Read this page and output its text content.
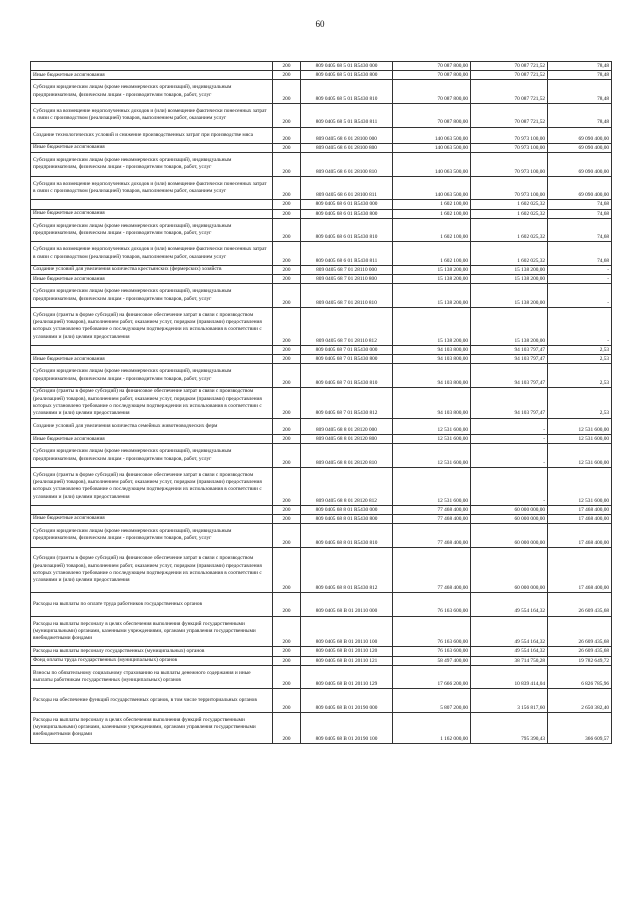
60
	200	809 0405 68 5 01 R5430 000	70 087 800,00	70 087 721,52	78,48
Иные бюджетные ассигнования	200	809 0405 68 5 01 R5430 800	70 087 800,00	70 087 721,52	78,48
Субсидии юридическим лицам (кроме некоммерческих организаций), индивидуальным предпринимателям, физическим лицам - производителям товаров, работ, услуг	200	809 0405 68 5 01 R5430 810	70 087 800,00	70 087 721,52	78,48
Субсидии на возмещение недополученных доходов и (или) возмещение фактически понесенных затрат в связи с производством (реализацией) товаров, выполнением работ, оказанием услуг	200	809 0405 68 5 01 R5430 811	70 087 800,00	70 087 721,52	78,48
Создание технологических условий и снижение производственных затрат при производстве мяса	200	809 0405 68 6 01 28100 000	140 063 500,00	70 973 100,00	69 090 400,00
Иные бюджетные ассигнования	200	809 0405 68 6 01 28100 800	140 063 500,00	70 973 100,00	69 090 400,00
Субсидии юридическим лицам (кроме некоммерческих организаций), индивидуальным предпринимателям, физическим лицам - производителям товаров, работ, услуг	200	809 0405 68 6 01 28100 810	140 063 500,00	70 973 100,00	69 090 400,00
Субсидии на возмещение недополученных доходов и (или) возмещение фактически понесенных затрат в связи с производством (реализацией) товаров, выполнением работ, оказанием услуг	200	809 0405 68 6 01 28100 811	140 063 500,00	70 973 100,00	69 090 400,00
	200	809 0405 68 6 01 R5430 000	1 602 100,00	1 602 025,32	74,68
Иные бюджетные ассигнования	200	809 0405 68 6 01 R5430 800	1 602 100,00	1 602 025,32	74,68
Субсидии юридическим лицам (кроме некоммерческих организаций), индивидуальным предпринимателям, физическим лицам - производителям товаров, работ, услуг	200	809 0405 68 6 01 R5430 810	1 602 100,00	1 602 025,32	74,68
Субсидии на возмещение недополученных доходов и (или) возмещение фактически понесенных затрат в связи с производством (реализацией) товаров, выполнением работ, оказанием услуг	200	809 0405 68 6 01 R5430 811	1 602 100,00	1 602 025,32	74,68
Создание условий для увеличения количества крестьянских (фермерских) хозяйств	200	809 0405 68 7 01 28110 000	15 138 200,00	15 138 200,00	-
Иные бюджетные ассигнования	200	809 0405 68 7 01 28110 800	15 138 200,00	15 138 200,00	-
Субсидии юридическим лицам (кроме некоммерческих организаций), индивидуальным предпринимателям, физическим лицам - производителям товаров, работ, услуг	200	809 0405 68 7 01 28110 810	15 138 200,00	15 138 200,00	-
Субсидии (гранты в форме субсидий) на финансовое обеспечение затрат в связи с производством (реализацией) товаров), выполнением работ, оказанием услуг, порядком (правилами) предоставления которых установлено требование о последующем подтверждении их использования в соответствии с условиями и (или) целями предоставления	200	809 0405 68 7 01 28110 812	15 138 200,00	15 138 200,00	-
	200	809 0405 68 7 01 R5430 000	94 103 800,00	94 103 797,47	2,53
Иные бюджетные ассигнования	200	809 0405 68 7 01 R5430 800	94 103 800,00	94 103 797,47	2,53
Субсидии юридическим лицам (кроме некоммерческих организаций), индивидуальным предпринимателям, физическим лицам - производителям товаров, работ, услуг	200	809 0405 68 7 01 R5430 810	94 103 800,00	94 103 797,47	2,53
Субсидии (гранты в форме субсидий) на финансовое обеспечение затрат в связи с производством (реализацией) товаров), выполнением работ, оказанием услуг, порядком (правилами) предоставления которых установлено требование о последующем подтверждении их использования в соответствии с условиями и (или) целями предоставления	200	809 0405 68 7 01 R5430 812	94 103 800,00	94 103 797,47	2,53
Создание условий для увеличения количества семейных животноводческих ферм	200	809 0405 68 8 01 28120 000	12 531 600,00	-	12 531 600,00
Иные бюджетные ассигнования	200	809 0405 68 8 01 28120 800	12 531 600,00	-	12 531 600,00
Субсидии юридическим лицам (кроме некоммерческих организаций), индивидуальным предпринимателям, физическим лицам - производителям товаров, работ, услуг	200	809 0405 68 8 01 28120 810	12 531 600,00	-	12 531 600,00
Субсидии (гранты в форме субсидий) на финансовое обеспечение затрат в связи с производством (реализацией) товаров), выполнением работ, оказанием услуг, порядком (правилами) предоставления которых установлено требование о последующем подтверждении их использования в соответствии с условиями и (или) целями предоставления	200	809 0405 68 8 01 28120 812	12 531 600,00	-	12 531 600,00
	200	809 0405 68 8 01 R5430 000	77 468 400,00	60 000 000,00	17 468 400,00
Иные бюджетные ассигнования	200	809 0405 68 8 01 R5430 800	77 468 400,00	60 000 000,00	17 468 400,00
Субсидии юридическим лицам (кроме некоммерческих организаций), индивидуальным предпринимателям, физическим лицам - производителям товаров, работ, услуг	200	809 0405 68 8 01 R5430 810	77 468 400,00	60 000 000,00	17 468 400,00
Субсидии (гранты в форме субсидий) на финансовое обеспечение затрат в связи с производством (реализацией) товаров), выполнением работ, оказанием услуг, порядком (правилами) предоставления которых установлено требование о последующем подтверждении их использования в соответствии с условиями и (или) целями предоставления	200	809 0405 68 8 01 R5430 812	77 468 400,00	60 000 000,00	17 468 400,00
Расходы на выплаты по оплате труда работников государственных органов	200	809 0405 68 В 01 20110 000	76 163 600,00	49 554 164,32	26 609 435,68
Расходы на выплаты персоналу в целях обеспечения выполнения функций государственными (муниципальными) органами, казенными учреждениями, органами управления государственными внебюджетными фондами	200	809 0405 68 В 01 20110 100	76 163 600,00	49 554 164,32	26 609 435,68
Расходы на выплаты персоналу государственных (муниципальных) органов	200	809 0405 68 В 01 20110 120	76 163 600,00	49 554 164,32	26 609 435,68
Фонд оплаты труда государственных (муниципальных) органов	200	809 0405 68 В 01 20110 121	58 497 400,00	38 714 750,28	19 782 649,72
Взносы по обязательному социальному страхованию на выплаты денежного содержания и иные выплаты работникам государственных (муниципальных) органов	200	809 0405 68 В 01 20110 129	17 666 200,00	10 839 414,04	6 826 785,96
Расходы на обеспечение функций государственных органов, в том числе территориальных органов	200	809 0405 68 В 01 20190 000	5 807 200,00	3 156 817,60	2 650 382,40
Расходы на выплаты персоналу в целях обеспечения выполнения функций государственными (муниципальными) органами, казенными учреждениями, органами управления государственными внебюджетными фондами	200	809 0405 68 В 01 20190 100	1 162 000,00	795 390,43	366 609,57
